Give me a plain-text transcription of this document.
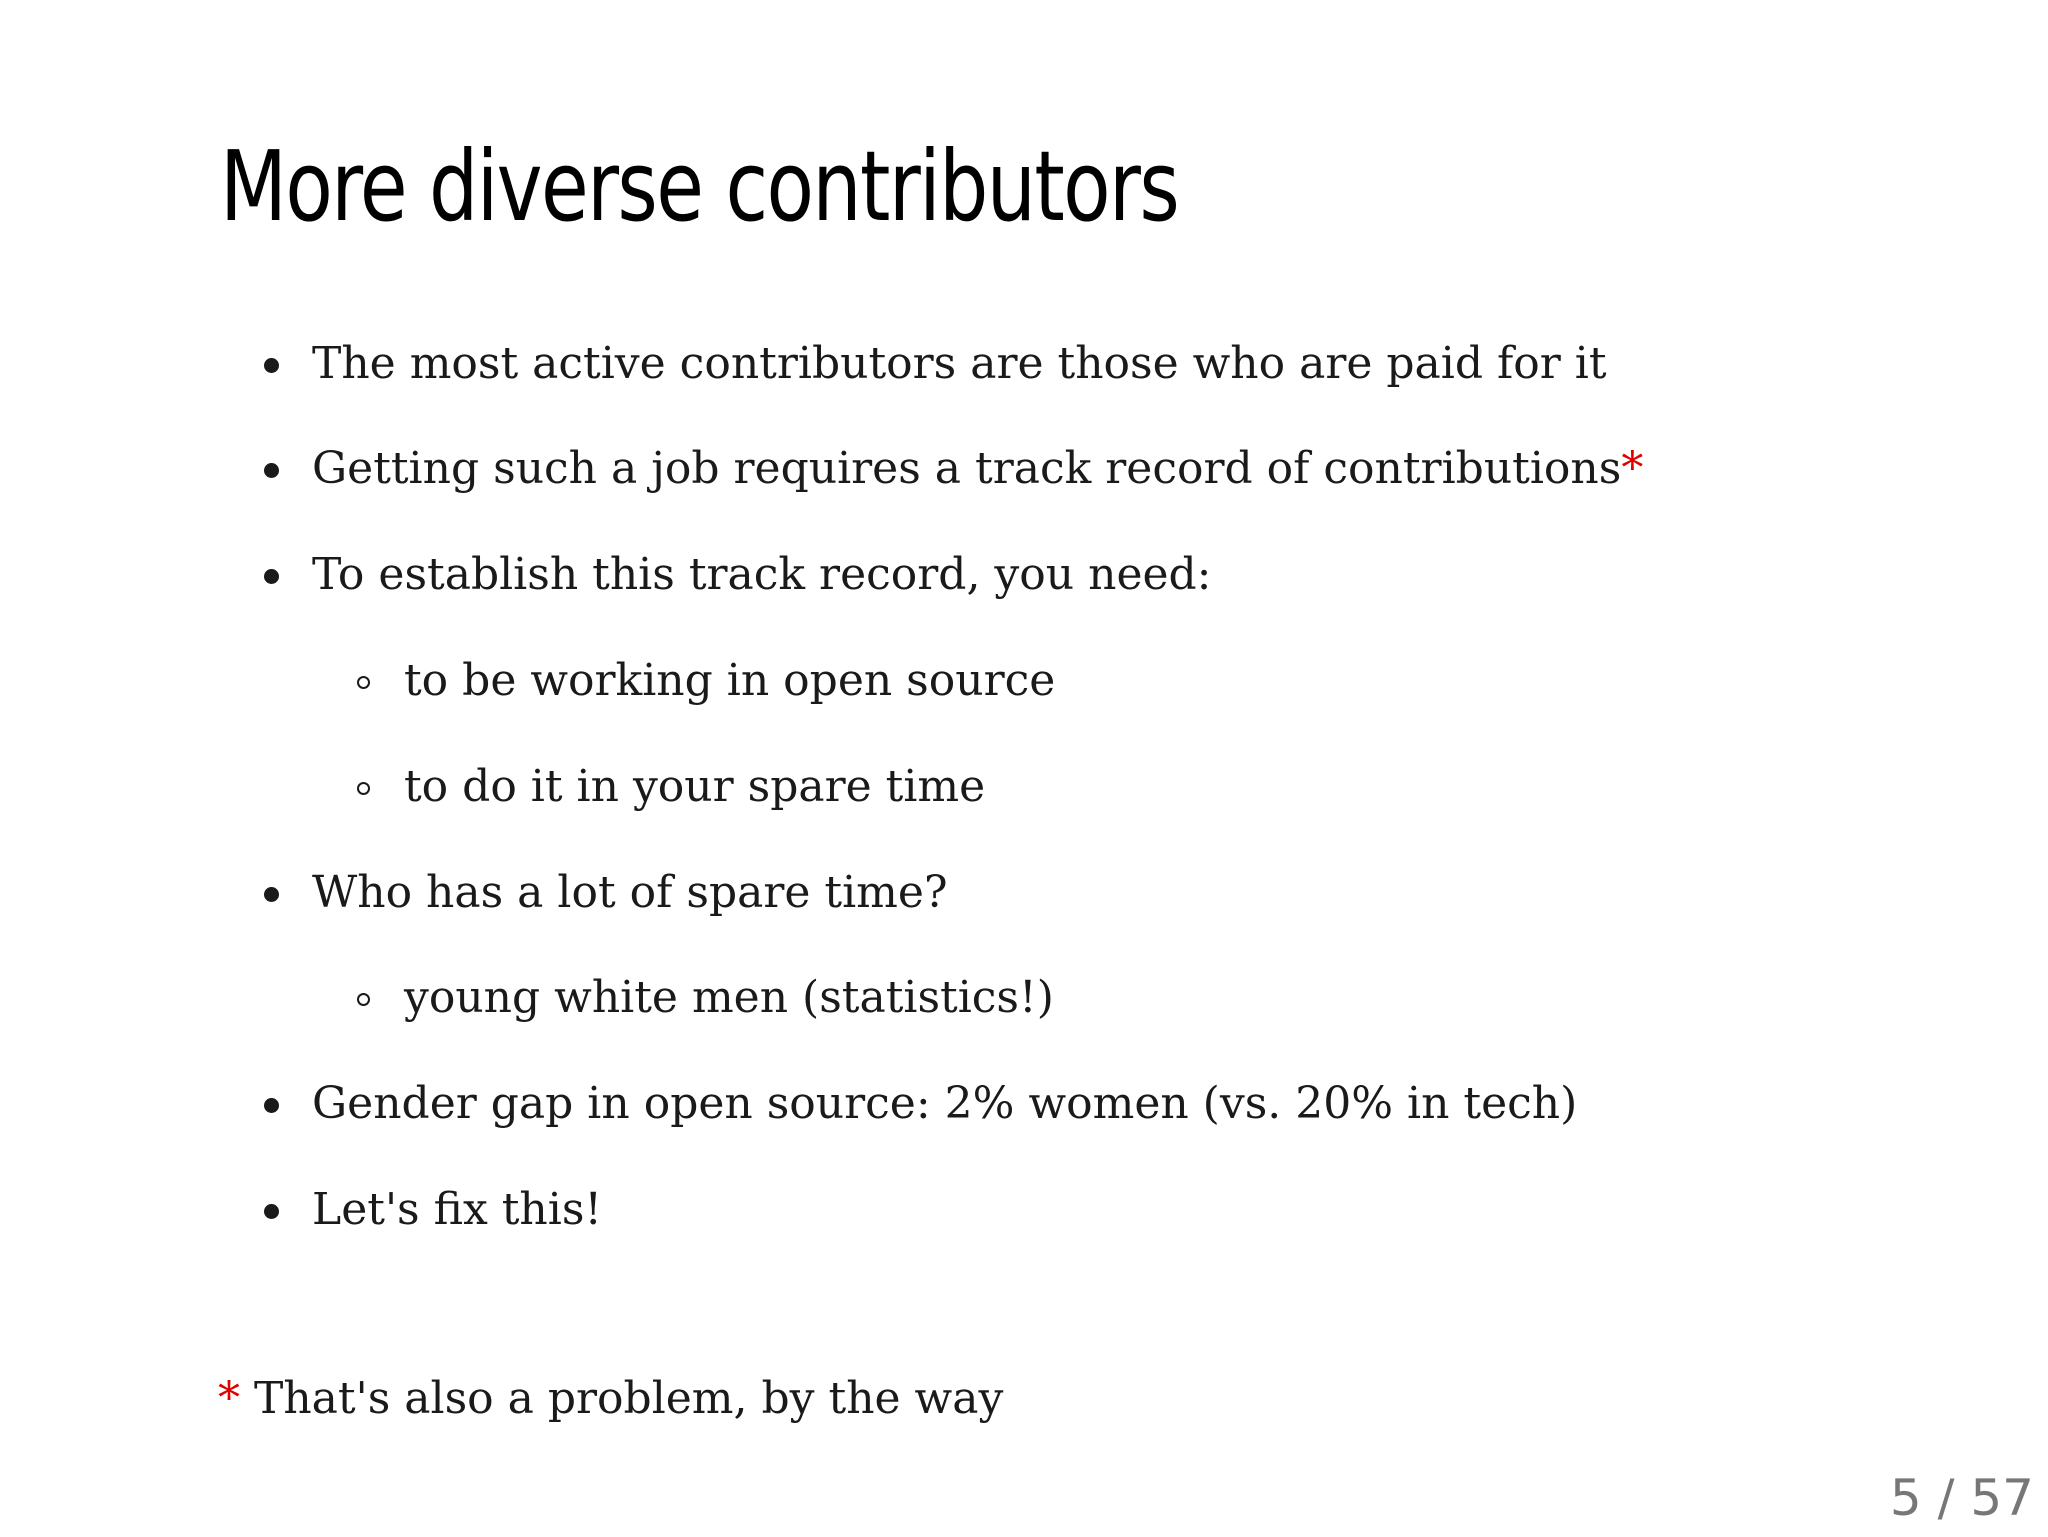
More diverse contributors
The most active contributors are those who are paid for it
Getting such a job requires a track record of contributions*
To establish this track record, you need:
to be working in open source
to do it in your spare time
Who has a lot of spare time?
young white men (statistics!)
Gender gap in open source: 2% women (vs. 20% in tech)
Let's fix this!
* That's also a problem, by the way
5 / 57
